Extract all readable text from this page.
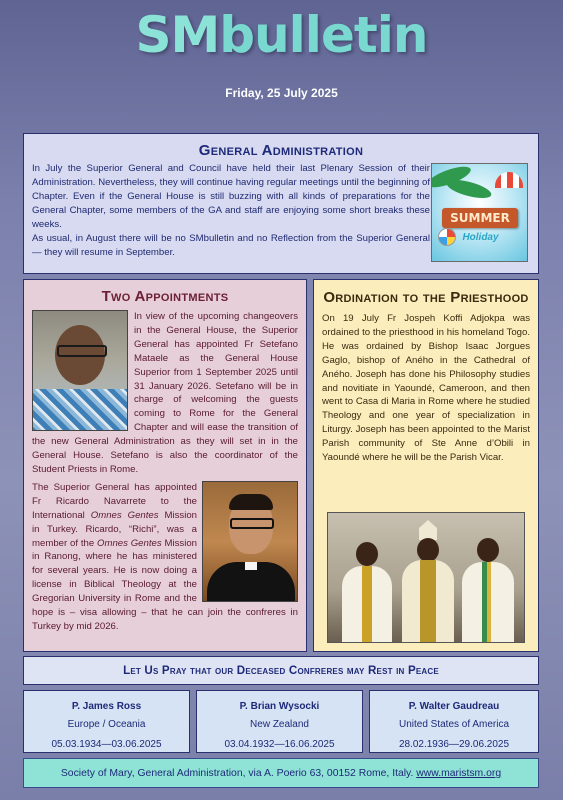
SMbulletin
Friday, 25 July 2025
General Administration

In July the Superior General and Council have held their last Plenary Session of their Administration. Nevertheless, they will continue having regular meetings until the beginning of Chapter. Even if the General House is still buzzing with all kinds of preparations for the General Chapter, some members of the GA and staff are enjoying some short breaks these weeks.

As usual, in August there will be no SMbulletin and no Reflection from the Superior General — they will resume in September.

SUMMER
Holiday
Two Appointments

In view of the upcoming changeovers in the General House, the Superior General has appointed Fr Setefano Mataele as the General House Superior from 1 September 2025 until 31 January 2026. Setefano will be in charge of welcoming the guests coming to Rome for the General Chapter and will ease the transition of the new General Administration as they will set in in the General House. Setefano is also the coordinator of the Student Priests in Rome.

The Superior General has appointed Fr Ricardo Navarrete to the International Omnes Gentes Mission in Turkey. Ricardo, “Richi”, was a member of the Omnes Gentes Mission in Ranong, where he has ministered for several years. He is now doing a licensе in Biblical Theology at the Gregorian University in Rome and the hope is – visa allowing – that he can join the confreres in Turkey by mid 2026.

Ordination to the Priesthood

On 19 July Fr Jospeh Koffi Adjokpa was ordained to the priesthood in his homeland Togo. He was ordained by Bishop Isaac Jorgues Gaglo, bishop of Aného in the Cathedral of Aného. Joseph has done his Philosophy studies and novitiate in Yaoundé, Cameroon, and then went to Casa di Maria in Rome where he studied Theology and one year of specialization in Liturgy. Joseph has been appointed to the Marist Parish community of Ste Anne d’Obili in Yaoundé where he will be the Parish Vicar.

Let Us Pray that our Deceased Confreres may Rest in Peace
P. James Ross
Europe / Oceania
05.03.1934—03.06.2025
P. Brian Wysocki
New Zealand
03.04.1932—16.06.2025
P. Walter Gaudreau
United States of America
28.02.1936—29.06.2025
Society of Mary, General Administration, via A. Poerio 63, 00152 Rome, Italy. www.maristsm.org
